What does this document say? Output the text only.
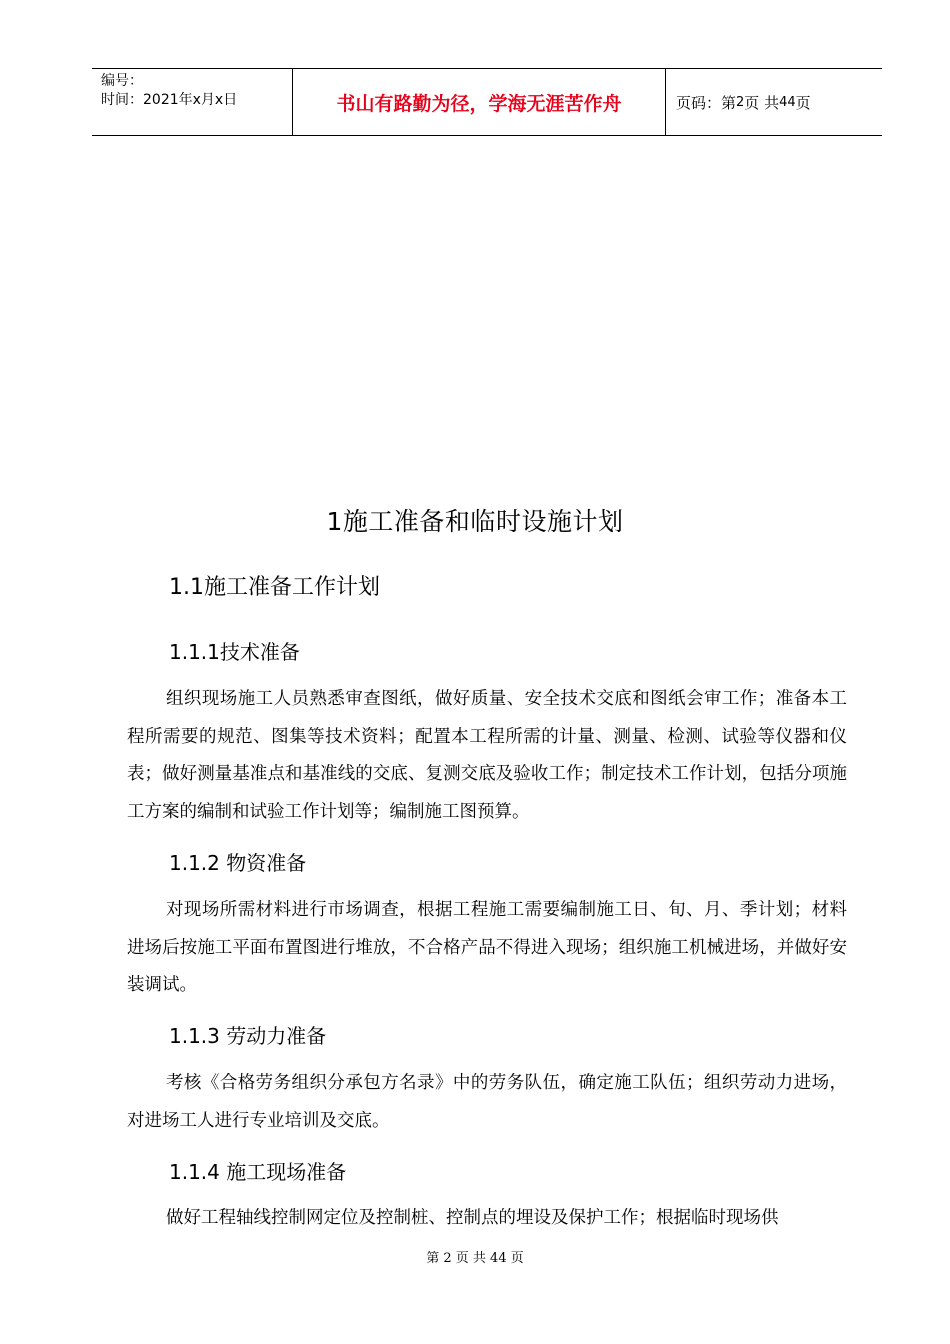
编号：
时间：2021年x月x日	书山有路勤为径，学海无涯苦作舟	页码：第 2 页 共 44 页
1施工准备和临时设施计划
1.1施工准备工作计划
1.1.1技术准备

组织现场施工人员熟悉审查图纸，做好质量、安全技术交底和图纸会审工作；准备本工程所需要的规范、图集等技术资料；配置本工程所需的计量、测量、检测、试验等仪器和仪表；做好测量基准点和基准线的交底、复测交底及验收工作；制定技术工作计划，包括分项施工方案的编制和试验工作计划等；编制施工图预算。

1.1.2 物资准备

对现场所需材料进行市场调查，根据工程施工需要编制施工日、旬、月、季计划；材料进场后按施工平面布置图进行堆放，不合格产品不得进入现场；组织施工机械进场，并做好安装调试。

1.1.3 劳动力准备

考核《合格劳务组织分承包方名录》中的劳务队伍，确定施工队伍；组织劳动力进场，对进场工人进行专业培训及交底。

1.1.4 施工现场准备

做好工程轴线控制网定位及控制桩、控制点的埋设及保护工作；根据临时现场供

第 2 页 共 44 页
